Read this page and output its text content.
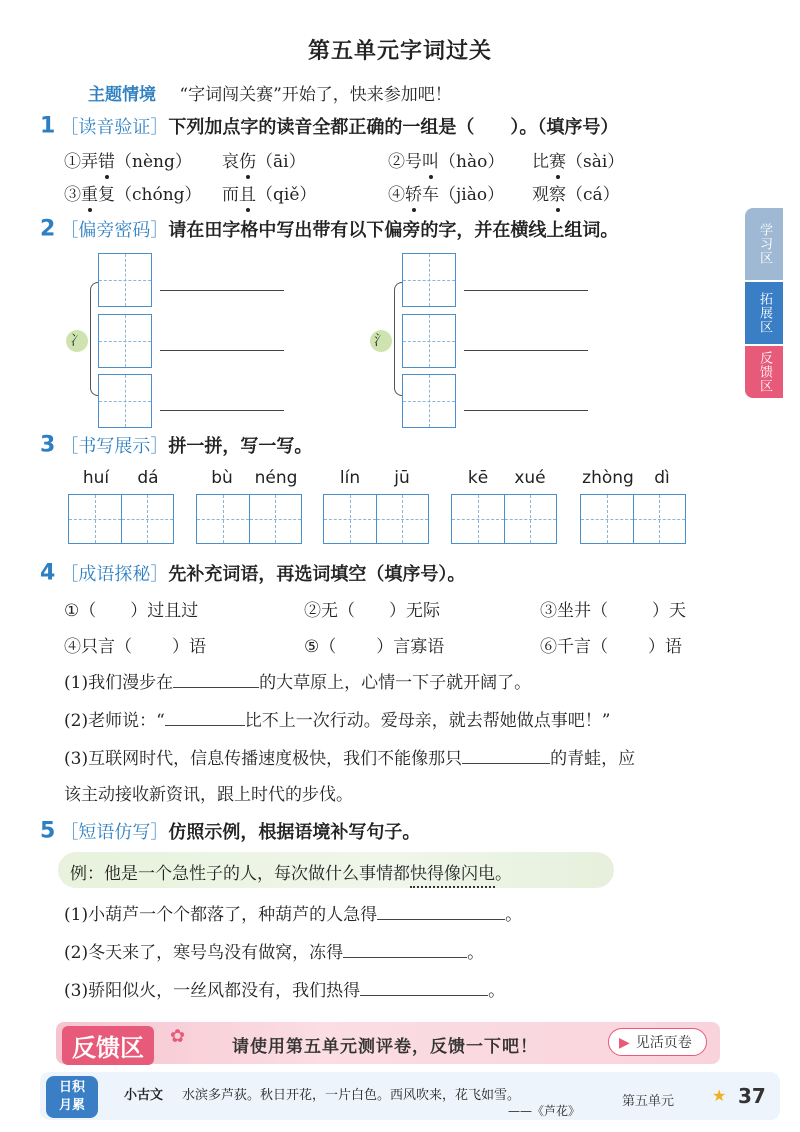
第五单元字词过关
主题情境 “字词闯关赛”开始了，快来参加吧！
学习区
拓展区
反馈区
1 ［读音验证］下列加点字的读音全都正确的一组是（　　）。（填序号）
①弄错（nèng） 哀伤（āi）	②号叫（hào） 比赛（sài）
③重复（chóng） 而且（qiě）	④轿车（jiào） 观察（cá）
2 ［偏旁密码］请在田字格中写出带有以下偏旁的字，并在横线上组词。
冫	氵
3 ［书写展示］拼一拼，写一写。
huí	dá	bù	néng	lín	jū	kē	xué	zhòng	dì
4 ［成语探秘］先补充词语，再选词填空（填序号）。
①（ ）过且过	②无（ ）无际	③坐井（	）天
④只言（ ）语	⑤（ ）言寡语	⑥千言（ ）语
(1)我们漫步在	的大草原上，心情一下子就开阔了。
(2)老师说：“	比不上一次行动。爱母亲，就去帮她做点事吧！”
(3)互联网时代，信息传播速度极快，我们不能像那只	的青蛙，应
该主动接收新资讯，跟上时代的步伐。
5 ［短语仿写］仿照示例，根据语境补写句子。
例：他是一个急性子的人，每次做什么事情都快得像闪电。
(1)小葫芦一个个都落了，种葫芦的人急得	。
(2)冬天来了，寒号鸟没有做窝，冻得	。
(3)骄阳似火，一丝风都没有，我们热得	。
反馈区	✿	请使用第五单元测评卷，反馈一下吧！	▶ 见活页卷
日积
月累
小古文 水滨多芦荻。秋日开花，一片白色。西风吹来，花飞如雪。
——《芦花》
第五单元 ★ 37
